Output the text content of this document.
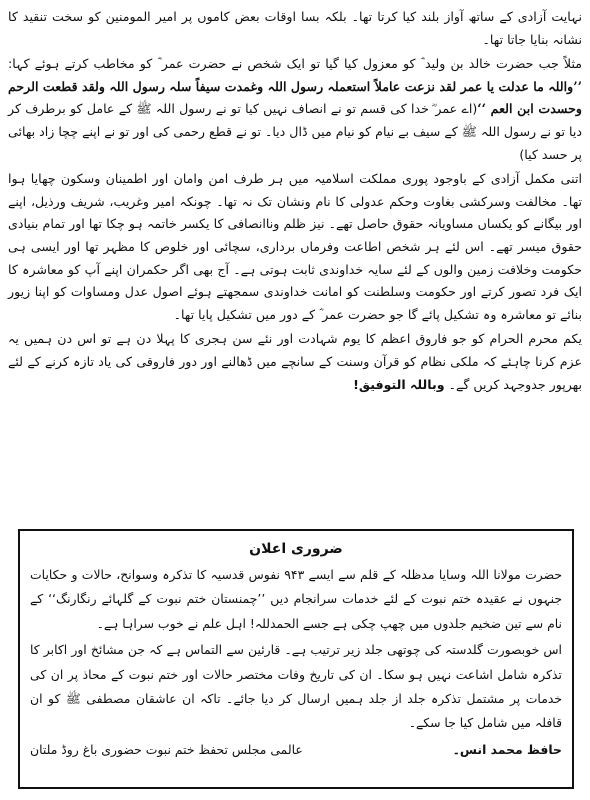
نہایت آزادی کے ساتھ آواز بلند کیا کرتا تھا۔ بلکہ بسا اوقات بعض کاموں پر امیر المومنین کو سخت تنقید کا نشانہ بنایا جاتا تھا۔

مثلاً جب حضرت خالد بن ولید ؓ کو معزول کیا گیا تو ایک شخص نے حضرت عمر ؓ کو مخاطب کرتے ہوئے کہا: ’’واللہ ما عدلت یا عمر لقد نزعت عاملاً استعملہ رسول اللہ وغمدت سیفاً سلہ رسول اللہ ولقد قطعت الرحم وحسدت ابن العم ‘‘(اے عمر ؓ خدا کی قسم تو نے انصاف نہیں کیا تو نے رسول اللہ ﷺ کے عامل کو برطرف کر دیا تو نے رسول اللہ ﷺ کے سیف بے نیام کو نیام میں ڈال دیا۔ تو نے قطع رحمی کی اور تو نے اپنے چچا زاد بھائی پر حسد کیا)

اتنی مکمل آزادی کے باوجود پوری مملکت اسلامیہ میں ہر طرف امن وامان اور اطمینان وسکون چھایا ہوا تھا۔ مخالفت وسرکشی بغاوت وحکم عدولی کا نام ونشان تک نہ تھا۔ چونکہ امیر وغریب، شریف ورذیل، اپنے اور بیگانے کو یکساں مساویانہ حقوق حاصل تھے۔ نیز ظلم وناانصافی کا یکسر خاتمہ ہو چکا تھا اور تمام بنیادی حقوق میسر تھے۔ اس لئے ہر شخص اطاعت وفرماں برداری، سچائی اور خلوص کا مظہر تھا اور ایسی ہی حکومت وخلافت زمین والوں کے لئے سایہ خداوندی ثابت ہوتی ہے۔ آج بھی اگر حکمران اپنے آپ کو معاشرہ کا ایک فرد تصور کرتے اور حکومت وسلطنت کو امانت خداوندی سمجھتے ہوئے اصول عدل ومساوات کو اپنا زیور بنائے تو معاشرہ وہ تشکیل پائے گا جو حضرت عمر ؓ کے دور میں تشکیل پایا تھا۔

یکم محرم الحرام کو جو فاروق اعظم کا یوم شہادت اور نئے سن ہجری کا پہلا دن ہے تو اس دن ہمیں یہ عزم کرنا چاہئے کہ ملکی نظام کو قرآن وسنت کے سانچے میں ڈھالنے اور دور فاروقی کی یاد تازہ کرنے کے لئے بھرپور جدوجہد کریں گے۔ وباللہ التوفیق!

ضروری اعلان

حضرت مولانا اللہ وسایا مدظلہ کے قلم سے ایسے ۹۴۳ نفوس قدسیہ کا تذکرہ وسوانح، حالات و حکایات جنہوں نے عقیدہ ختم نبوت کے لئے خدمات سرانجام دیں ’’چمنستان ختم نبوت کے گلہائے رنگارنگ‘‘ کے نام سے تین ضخیم جلدوں میں چھپ چکی ہے جسے الحمدللہ! اہل علم نے خوب سراہا ہے۔

اس خوبصورت گلدستہ کی چوتھی جلد زیر ترتیب ہے۔ قارئین سے التماس ہے کہ جن مشائخ اور اکابر کا تذکرہ شامل اشاعت نہیں ہو سکا۔ ان کی تاریخ وفات مختصر حالات اور ختم نبوت کے محاذ پر ان کی خدمات پر مشتمل تذکرہ جلد از جلد ہمیں ارسال کر دیا جائے۔ تاکہ ان عاشقان مصطفی ﷺ کو ان قافلہ میں شامل کیا جا سکے۔

حافظ محمد انس۔
عالمی مجلس تحفظ ختم نبوت حضوری باغ روڈ ملتان
